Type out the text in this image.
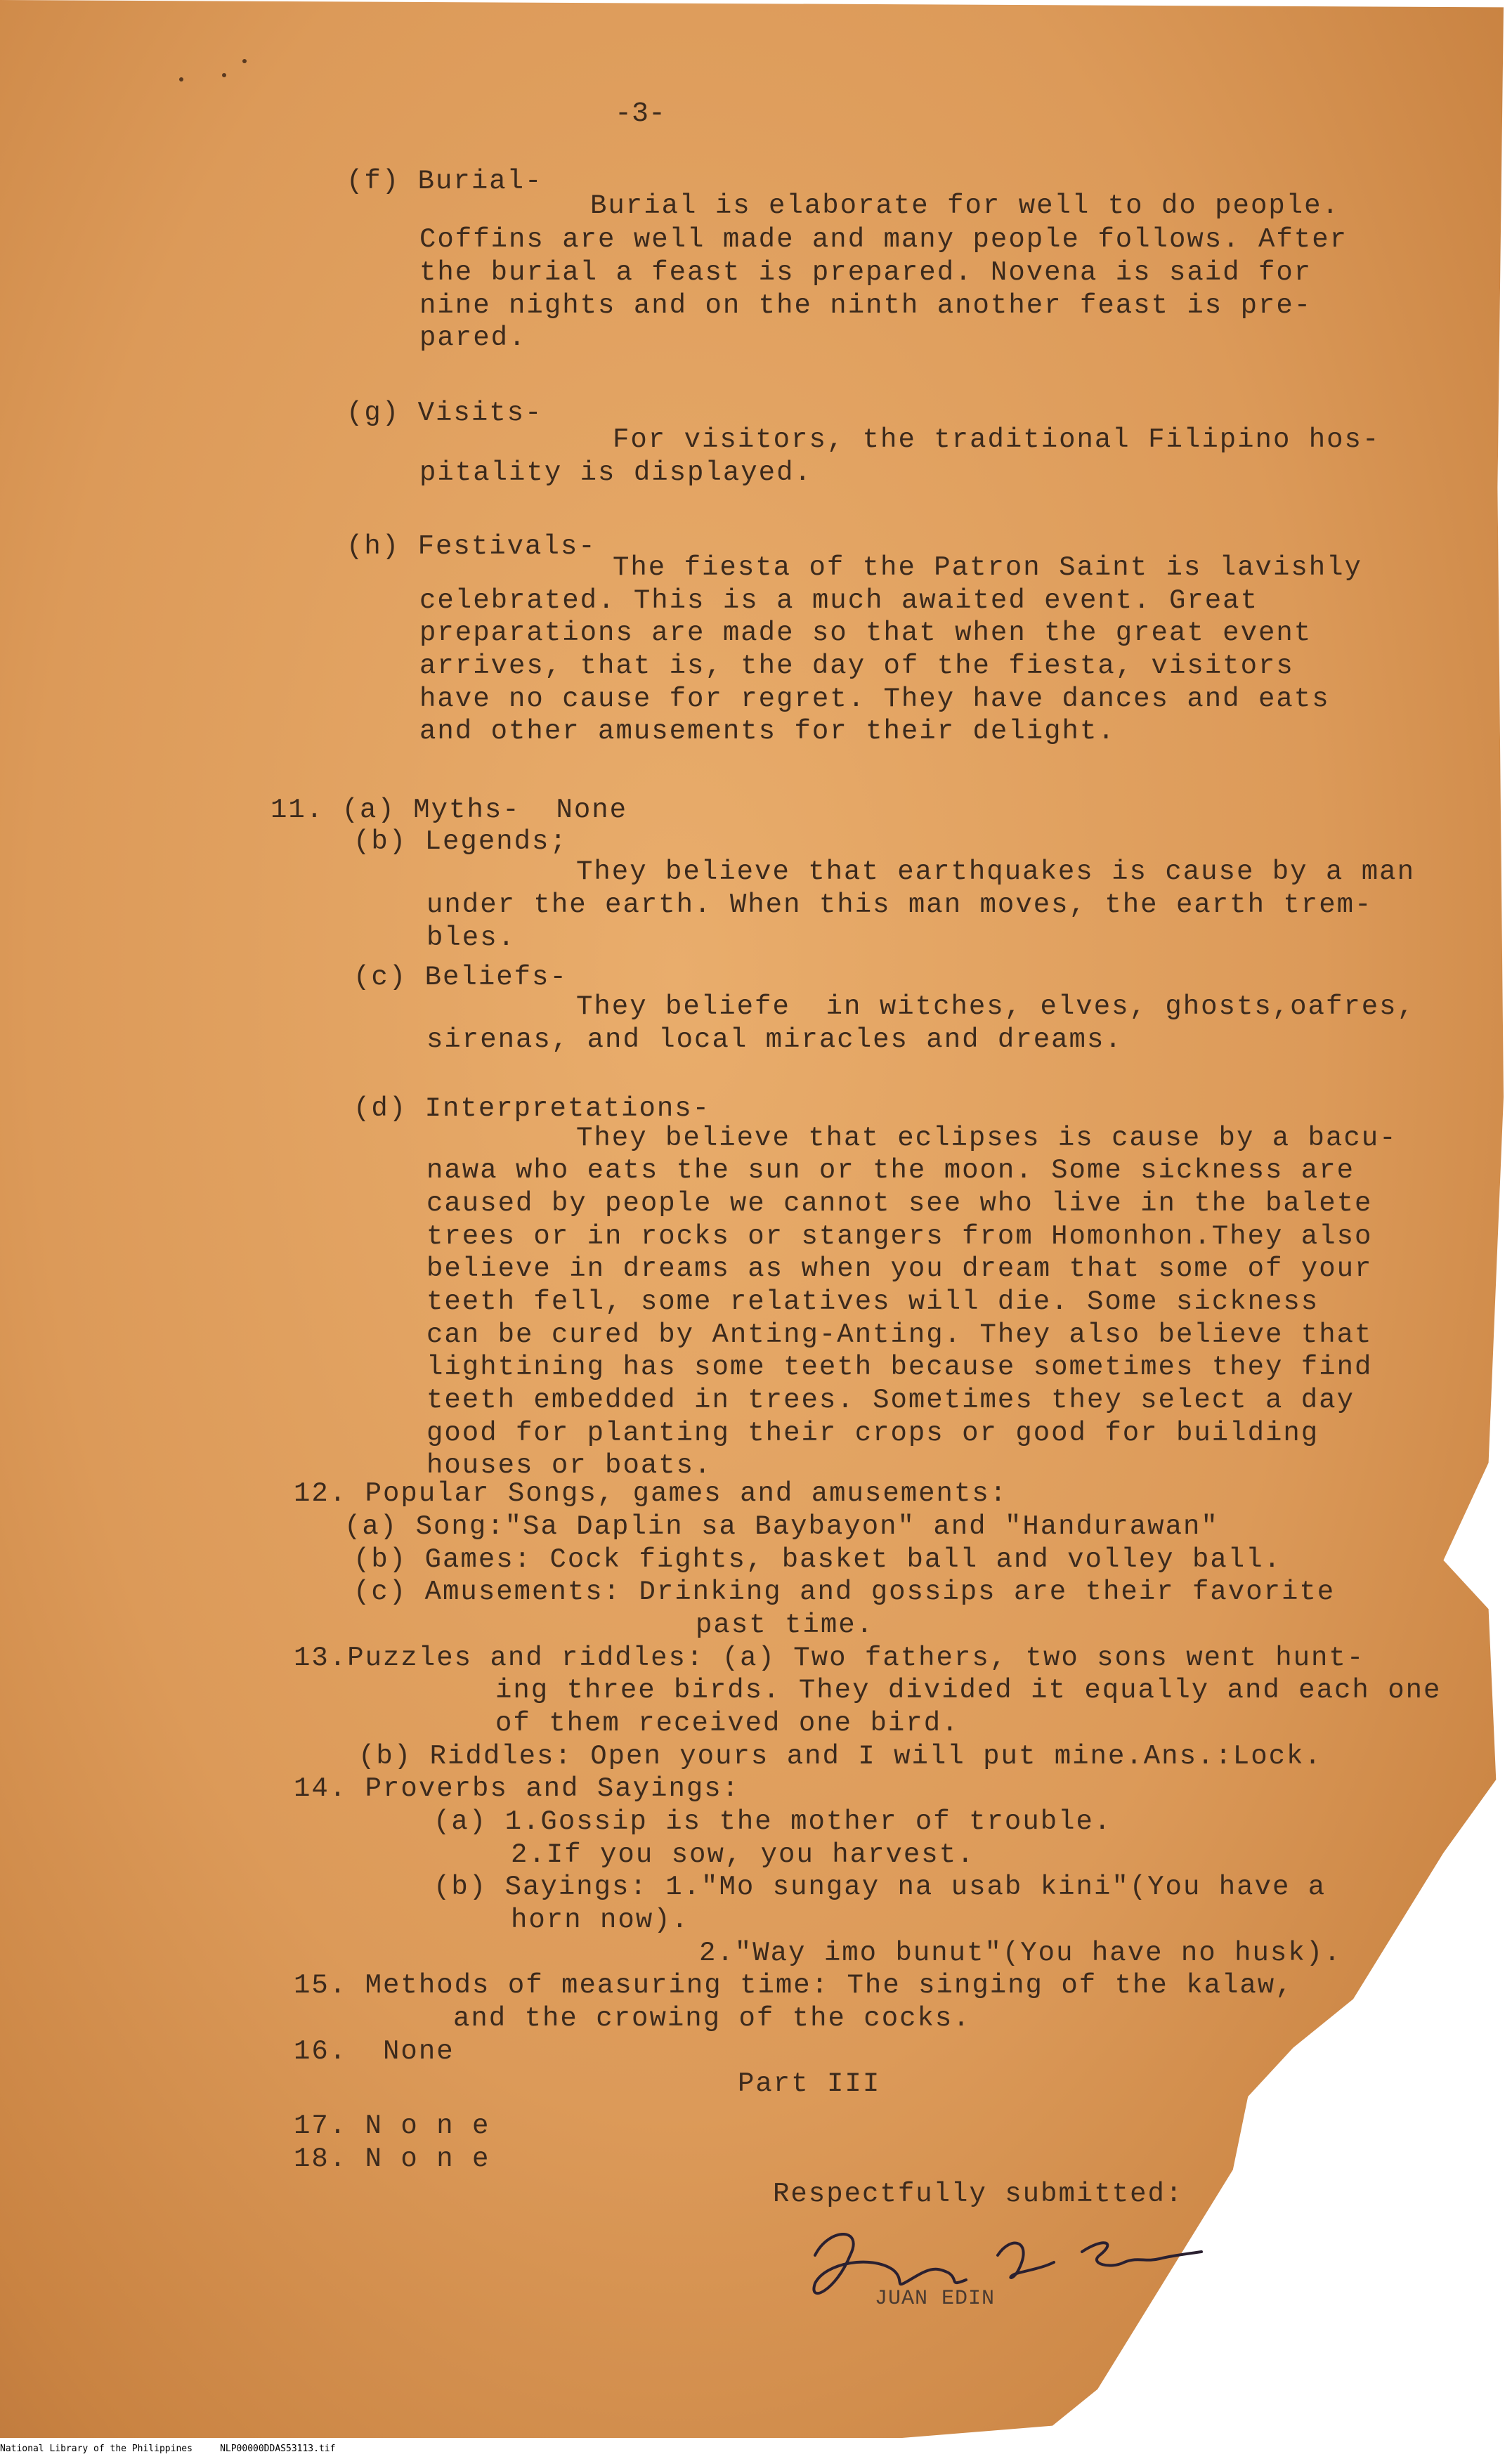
-3-
(f) Burial-
Burial is elaborate for well to do people.
Coffins are well made and many people follows. After
the burial a feast is prepared. Novena is said for
nine nights and on the ninth another feast is pre-
pared.
(g) Visits-
For visitors, the traditional Filipino hos-
pitality is displayed.
(h) Festivals-
The fiesta of the Patron Saint is lavishly
celebrated. This is a much awaited event. Great
preparations are made so that when the great event
arrives, that is, the day of the fiesta, visitors
have no cause for regret. They have dances and eats
and other amusements for their delight.
11. (a) Myths-  None
(b) Legends;
They believe that earthquakes is cause by a man
under the earth. When this man moves, the earth trem-
bles.
(c) Beliefs-
They beliefe  in witches, elves, ghosts,oafres,
sirenas, and local miracles and dreams.
(d) Interpretations-
They believe that eclipses is cause by a bacu-
nawa who eats the sun or the moon. Some sickness are
caused by people we cannot see who live in the balete
trees or in rocks or stangers from Homonhon.They also
believe in dreams as when you dream that some of your
teeth fell, some relatives will die. Some sickness
can be cured by Anting-Anting. They also believe that
lightining has some teeth because sometimes they find
teeth embedded in trees. Sometimes they select a day
good for planting their crops or good for building
houses or boats.
12. Popular Songs, games and amusements:
(a) Song:"Sa Daplin sa Baybayon" and "Handurawan"
(b) Games: Cock fights, basket ball and volley ball.
(c) Amusements: Drinking and gossips are their favorite
past time.
13.Puzzles and riddles: (a) Two fathers, two sons went hunt-
ing three birds. They divided it equally and each one
of them received one bird.
(b) Riddles: Open yours and I will put mine.Ans.:Lock.
14. Proverbs and Sayings:
(a) 1.Gossip is the mother of trouble.
2.If you sow, you harvest.
(b) Sayings: 1."Mo sungay na usab kini"(You have a
horn now).
2."Way imo bunut"(You have no husk).
15. Methods of measuring time: The singing of the kalaw,
and the crowing of the cocks.
16.  None
Part III
17. N o n e
18. N o n e
Respectfully submitted:
JUAN EDIN
National Library of the Philippines     NLP00000DDAS53113.tif
